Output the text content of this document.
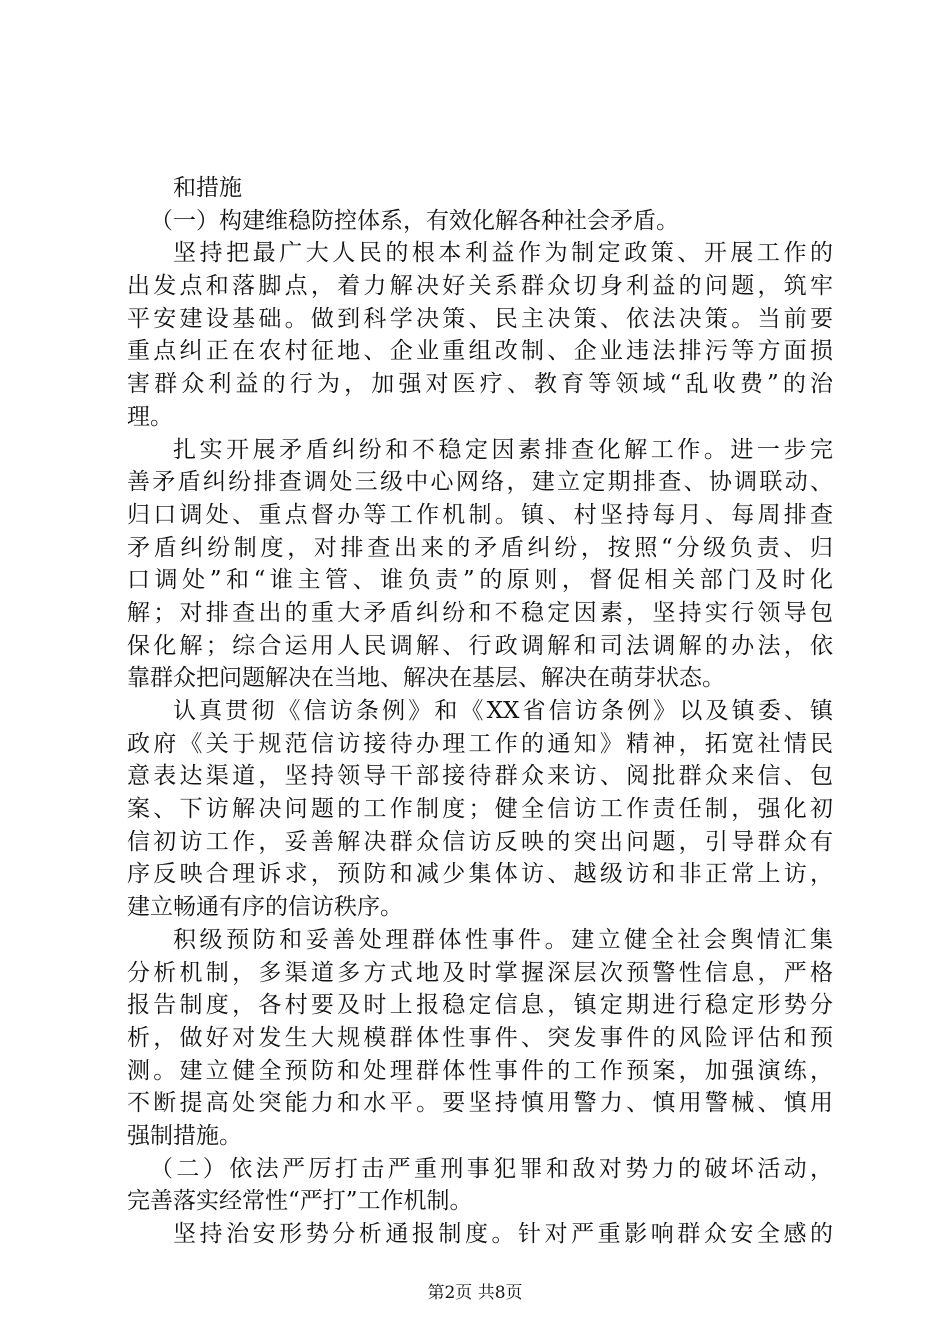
和措施
（一）构建维稳防控体系，有效化解各种社会矛盾。
坚持把最广大人民的根本利益作为制定政策、开展工作的
出发点和落脚点，着力解决好关系群众切身利益的问题，筑牢
平安建设基础。做到科学决策、民主决策、依法决策。当前要
重点纠正在农村征地、企业重组改制、企业违法排污等方面损
害群众利益的行为，加强对医疗、教育等领域“乱收费”的治
理。
扎实开展矛盾纠纷和不稳定因素排查化解工作。进一步完
善矛盾纠纷排查调处三级中心网络，建立定期排查、协调联动、
归口调处、重点督办等工作机制。镇、村坚持每月、每周排查
矛盾纠纷制度，对排查出来的矛盾纠纷，按照“分级负责、归
口调处”和“谁主管、谁负责”的原则，督促相关部门及时化
解；对排查出的重大矛盾纠纷和不稳定因素，坚持实行领导包
保化解；综合运用人民调解、行政调解和司法调解的办法，依
靠群众把问题解决在当地、解决在基层、解决在萌芽状态。
认真贯彻《信访条例》和《XX省信访条例》以及镇委、镇
政府《关于规范信访接待办理工作的通知》精神，拓宽社情民
意表达渠道，坚持领导干部接待群众来访、阅批群众来信、包
案、下访解决问题的工作制度；健全信访工作责任制，强化初
信初访工作，妥善解决群众信访反映的突出问题，引导群众有
序反映合理诉求，预防和减少集体访、越级访和非正常上访，
建立畅通有序的信访秩序。
积级预防和妥善处理群体性事件。建立健全社会舆情汇集
分析机制，多渠道多方式地及时掌握深层次预警性信息，严格
报告制度，各村要及时上报稳定信息，镇定期进行稳定形势分
析，做好对发生大规模群体性事件、突发事件的风险评估和预
测。建立健全预防和处理群体性事件的工作预案，加强演练，
不断提高处突能力和水平。要坚持慎用警力、慎用警械、慎用
强制措施。
（二）依法严厉打击严重刑事犯罪和敌对势力的破坏活动，
完善落实经常性“严打”工作机制。
坚持治安形势分析通报制度。针对严重影响群众安全感的
第2页 共8页
